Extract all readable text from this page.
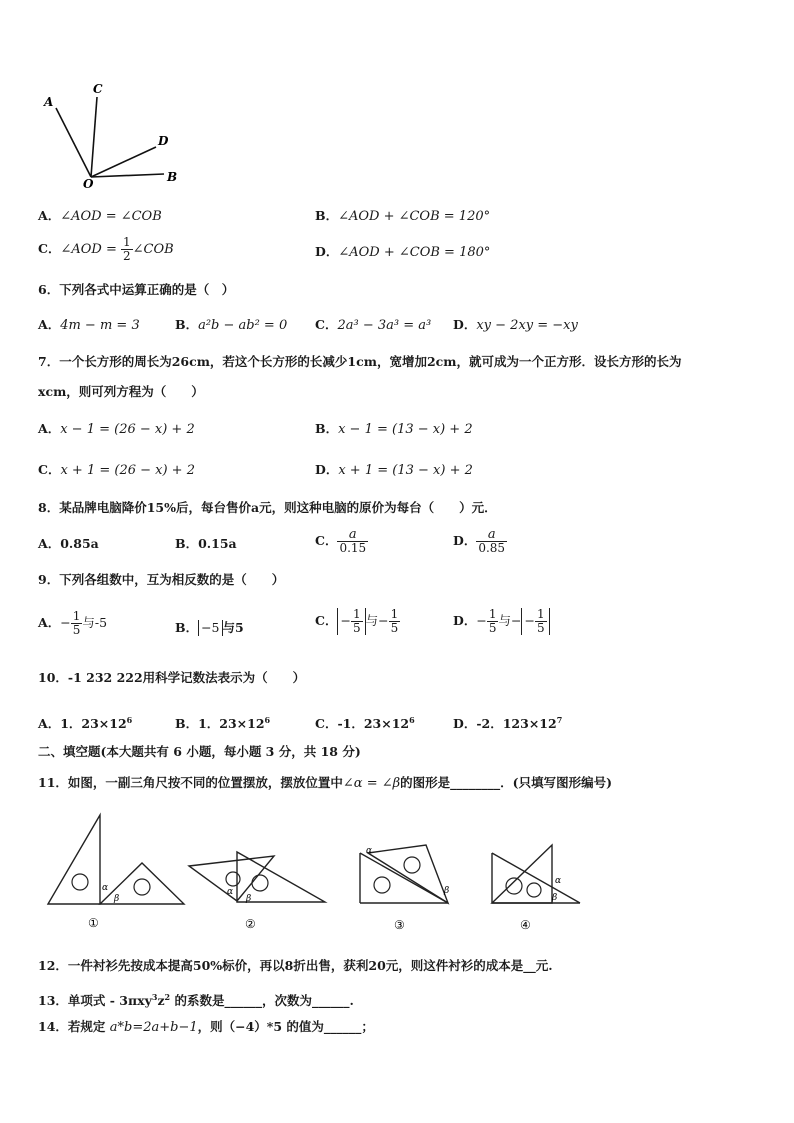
A
C
D
O	B
A．∠AOD = ∠COB	B．∠AOD + ∠COB = 120°
C．∠AOD = $\frac{1}{2}$ ∠COB	D．∠AOD + ∠COB = 180°
6．下列各式中运算正确的是（　）
A．4m − m = 3	B．a²b − ab² = 0 C．2a³ − 3a³ = a³ D．xy − 2xy = −xy
7．一个长方形的周长为26cm，若这个长方形的长减少1cm，宽增加2cm，就可成为一个正方形．设长方形的长为
xcm，则可列方程为（　　）
A．x − 1 = (26 − x) + 2	B．x − 1 = (13 − x) + 2
C．x + 1 = (26 − x) + 2	D．x + 1 = (13 − x) + 2
8．某品牌电脑降价15%后，每台售价a元，则这种电脑的原价为每台（　　）元．
A．0.85a	B．0.15a	C． $\frac{a}{0.15}$	D． $\frac{a}{0.85}$
9．下列各组数中，互为相反数的是（　　）
A．− $\frac{1}{5}$ 与-5	B． −5 与5	C． − $\frac{1}{5}$ 与− $\frac{1}{5}$	D．− $\frac{1}{5}$ 与− − $\frac{1}{5}$
10．-1 232 222用科学记数法表示为（　　）
A．1．$23\times 12^6$	B．1．$23\times 12^6$	C．-1．$23\times 12^6$	D．-2．$123\times 12^7$
二、填空题(本大题共有 6 小题，每小题 3 分，共 18 分)
11．如图，一副三角尺按不同的位置摆放，摆放位置中∠α = ∠β的图形是________．(只填写图形编号)
α
β
①
α
β
②
α
β
③
α
β
④
12．一件衬衫先按成本提高50%标价，再以8折出售，获利20元，则这件衬衫的成本是__元.
13．单项式 - $3\pi xy^3z^2$ 的系数是______，次数为______.
14．若规定 a*b=2a+b−1，则（−4）*5 的值为______；
